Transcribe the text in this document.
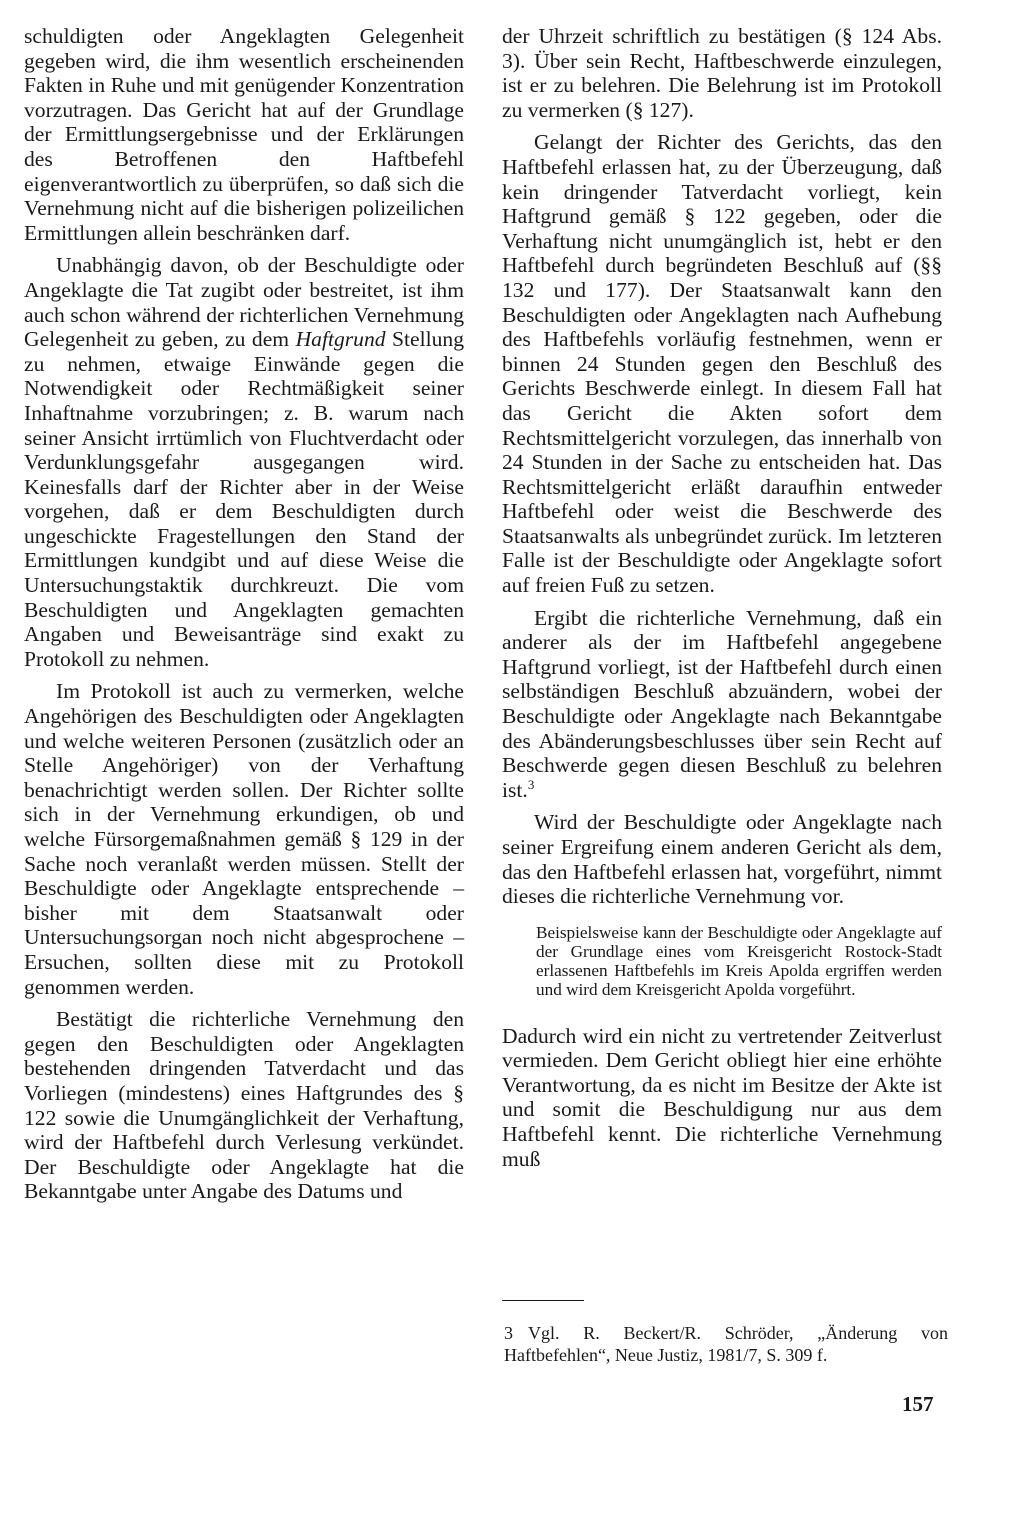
schuldigten oder Angeklagten Gelegenheit gegeben wird, die ihm wesentlich erscheinenden Fakten in Ruhe und mit genügender Konzentration vorzutragen. Das Gericht hat auf der Grundlage der Ermittlungsergebnisse und der Erklärungen des Betroffenen den Haftbefehl eigenverantwortlich zu überprüfen, so daß sich die Vernehmung nicht auf die bisherigen polizeilichen Ermittlungen allein beschränken darf.

Unabhängig davon, ob der Beschuldigte oder Angeklagte die Tat zugibt oder bestreitet, ist ihm auch schon während der richterlichen Vernehmung Gelegenheit zu geben, zu dem Haftgrund Stellung zu nehmen, etwaige Einwände gegen die Notwendigkeit oder Rechtmäßigkeit seiner Inhaftnahme vorzubringen; z. B. warum nach seiner Ansicht irrtümlich von Fluchtverdacht oder Verdunklungsgefahr ausgegangen wird. Keinesfalls darf der Richter aber in der Weise vorgehen, daß er dem Beschuldigten durch ungeschickte Fragestellungen den Stand der Ermittlungen kundgibt und auf diese Weise die Untersuchungstaktik durchkreuzt. Die vom Beschuldigten und Angeklagten gemachten Angaben und Beweisanträge sind exakt zu Protokoll zu nehmen.

Im Protokoll ist auch zu vermerken, welche Angehörigen des Beschuldigten oder Angeklagten und welche weiteren Personen (zusätzlich oder an Stelle Angehöriger) von der Verhaftung benachrichtigt werden sollen. Der Richter sollte sich in der Vernehmung erkundigen, ob und welche Fürsorgemaßnahmen gemäß § 129 in der Sache noch veranlaßt werden müssen. Stellt der Beschuldigte oder Angeklagte entsprechende – bisher mit dem Staatsanwalt oder Untersuchungsorgan noch nicht abgesprochene – Ersuchen, sollten diese mit zu Protokoll genommen werden.

Bestätigt die richterliche Vernehmung den gegen den Beschuldigten oder Angeklagten bestehenden dringenden Tatverdacht und das Vorliegen (mindestens) eines Haftgrundes des § 122 sowie die Unumgänglichkeit der Verhaftung, wird der Haftbefehl durch Verlesung verkündet. Der Beschuldigte oder Angeklagte hat die Bekanntgabe unter Angabe des Datums und

der Uhrzeit schriftlich zu bestätigen (§ 124 Abs. 3). Über sein Recht, Haftbeschwerde einzulegen, ist er zu belehren. Die Belehrung ist im Protokoll zu vermerken (§ 127).

Gelangt der Richter des Gerichts, das den Haftbefehl erlassen hat, zu der Überzeugung, daß kein dringender Tatverdacht vorliegt, kein Haftgrund gemäß § 122 gegeben, oder die Verhaftung nicht unumgänglich ist, hebt er den Haftbefehl durch begründeten Beschluß auf (§§ 132 und 177). Der Staatsanwalt kann den Beschuldigten oder Angeklagten nach Aufhebung des Haftbefehls vorläufig festnehmen, wenn er binnen 24 Stunden gegen den Beschluß des Gerichts Beschwerde einlegt. In diesem Fall hat das Gericht die Akten sofort dem Rechtsmittelgericht vorzulegen, das innerhalb von 24 Stunden in der Sache zu entscheiden hat. Das Rechtsmittelgericht erläßt daraufhin entweder Haftbefehl oder weist die Beschwerde des Staatsanwalts als unbegründet zurück. Im letzteren Falle ist der Beschuldigte oder Angeklagte sofort auf freien Fuß zu setzen.

Ergibt die richterliche Vernehmung, daß ein anderer als der im Haftbefehl angegebene Haftgrund vorliegt, ist der Haftbefehl durch einen selbständigen Beschluß abzuändern, wobei der Beschuldigte oder Angeklagte nach Bekanntgabe des Abänderungsbeschlusses über sein Recht auf Beschwerde gegen diesen Beschluß zu belehren ist.$^3$

Wird der Beschuldigte oder Angeklagte nach seiner Ergreifung einem anderen Gericht als dem, das den Haftbefehl erlassen hat, vorgeführt, nimmt dieses die richterliche Vernehmung vor.

Beispielsweise kann der Beschuldigte oder Angeklagte auf der Grundlage eines vom Kreisgericht Rostock-Stadt erlassenen Haftbefehls im Kreis Apolda ergriffen werden und wird dem Kreisgericht Apolda vorgeführt.

Dadurch wird ein nicht zu vertretender Zeitverlust vermieden. Dem Gericht obliegt hier eine erhöhte Verantwortung, da es nicht im Besitze der Akte ist und somit die Beschuldigung nur aus dem Haftbefehl kennt. Die richterliche Vernehmung muß

3 Vgl. R. Beckert/R. Schröder, „Änderung von Haftbefehlen“, Neue Justiz, 1981/7, S. 309 f.
157
